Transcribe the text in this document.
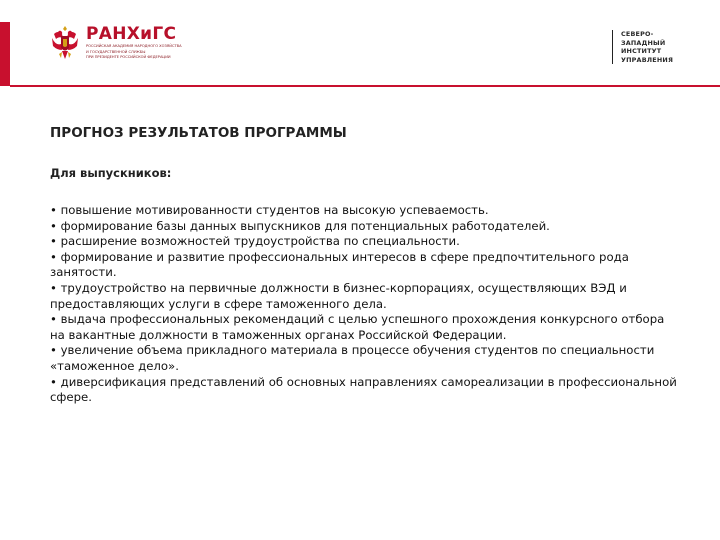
РАНХиГС
РОССИЙСКАЯ АКАДЕМИЯ НАРОДНОГО ХОЗЯЙСТВА
И ГОСУДАРСТВЕННОЙ СЛУЖБЫ
ПРИ ПРЕЗИДЕНТЕ РОССИЙСКОЙ ФЕДЕРАЦИИ
СЕВЕРО-
ЗАПАДНЫЙ
ИНСТИТУТ
УПРАВЛЕНИЯ
ПРОГНОЗ РЕЗУЛЬТАТОВ ПРОГРАММЫ
Для выпускников:

• повышение мотивированности студентов на высокую успеваемость.

• формирование базы данных выпускников для потенциальных работодателей.

• расширение возможностей трудоустройства по специальности.

• формирование и развитие профессиональных интересов в сфере предпочтительного рода занятости.

• трудоустройство на первичные должности в бизнес-корпорациях, осуществляющих ВЭД и предоставляющих услуги в сфере таможенного дела.

• выдача профессиональных рекомендаций с целью успешного прохождения конкурсного отбора на вакантные должности в таможенных органах Российской Федерации.

• увеличение объема прикладного материала в процессе обучения студентов по специальности «таможенное дело».

• диверсификация представлений об основных направлениях самореализации в профессиональной сфере.
